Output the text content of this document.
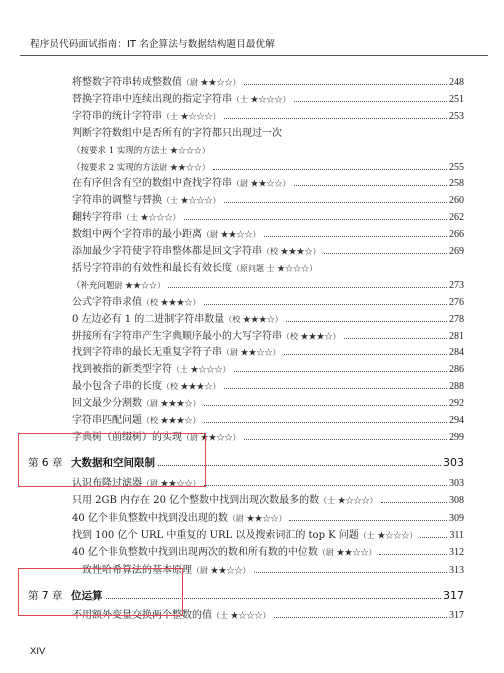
程序员代码面试指南：IT 名企算法与数据结构题目最优解
将整数字符串转成整数值（尉 ★★☆☆）	248
替换字符串中连续出现的指定字符串（士 ★☆☆☆）	251
字符串的统计字符串（士 ★☆☆☆）	253
判断字符数组中是否所有的字符都只出现过一次
（按要求 1 实现的方法士 ★☆☆☆）
（按要求 2 实现的方法尉 ★★☆☆）	255
在有序但含有空的数组中查找字符串（尉 ★★☆☆）	258
字符串的调整与替换（士 ★☆☆☆）	260
翻转字符串（士 ★☆☆☆）	262
数组中两个字符串的最小距离（尉 ★★☆☆）	266
添加最少字符使字符串整体都是回文字符串（校 ★★★☆）	269
括号字符串的有效性和最长有效长度（原问题 士 ★☆☆☆）
（补充问题尉 ★★☆☆）	273
公式字符串求值（校 ★★★☆）	276
0 左边必有 1 的二进制字符串数量（校 ★★★☆）	278
拼接所有字符串产生字典顺序最小的大写字符串（校 ★★★☆）	281
找到字符串的最长无重复字符子串（尉 ★★☆☆）	284
找到被指的新类型字符（士 ★☆☆☆）	286
最小包含子串的长度（校 ★★★☆）	288
回文最少分割数（尉 ★★★☆）	292
字符串匹配问题（校 ★★★☆）	294
字典树（前缀树）的实现（尉 ★★☆☆）	299
第 6 章 大数据和空间限制	303
认识布隆过滤器（尉 ★★☆☆）	303
只用 2GB 内存在 20 亿个整数中找到出现次数最多的数（士 ★☆☆☆）	308
40 亿个非负整数中找到没出现的数（尉 ★★☆☆）	309
找到 100 亿个 URL 中重复的 URL 以及搜索词汇的 top K 问题（士 ★☆☆☆）	311
40 亿个非负整数中找到出现两次的数和所有数的中位数（尉 ★★☆☆）	312
一致性哈希算法的基本原理（尉 ★★☆☆）	313
第 7 章 位运算	317
不用额外变量交换两个整数的值（士 ★☆☆☆）	317
XIV
